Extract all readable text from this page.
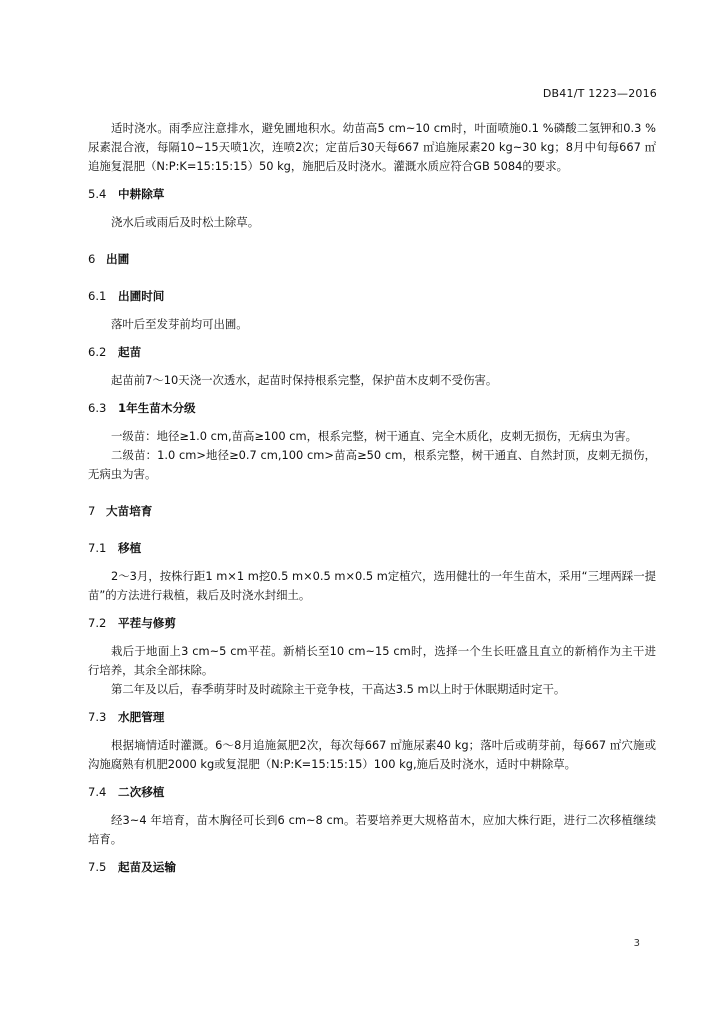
DB41/T 1223—2016

适时浇水。雨季应注意排水，避免圃地积水。幼苗高5 cm~10 cm时，叶面喷施0.1 %磷酸二氢钾和0.3 %尿素混合液，每隔10~15天喷1次，连喷2次；定苗后30天每667 ㎡追施尿素20 kg~30 kg；8月中旬每667 ㎡追施复混肥（N:P:K=15:15:15）50 kg，施肥后及时浇水。灌溉水质应符合GB 5084的要求。

5.4 中耕除草

浇水后或雨后及时松土除草。

6 出圃
6.1 出圃时间

落叶后至发芽前均可出圃。

6.2 起苗

起苗前7～10天浇一次透水，起苗时保持根系完整，保护苗木皮刺不受伤害。

6.3 1年生苗木分级

一级苗：地径≥1.0 cm,苗高≥100 cm，根系完整，树干通直、完全木质化，皮刺无损伤，无病虫为害。

二级苗：1.0 cm>地径≥0.7 cm,100 cm>苗高≥50 cm，根系完整，树干通直、自然封顶，皮刺无损伤，无病虫为害。

7 大苗培育
7.1 移植

2～3月，按株行距1 m×1 m挖0.5 m×0.5 m×0.5 m定植穴，选用健壮的一年生苗木，采用“三埋两踩一提苗”的方法进行栽植，栽后及时浇水封细土。

7.2 平茬与修剪

栽后于地面上3 cm~5 cm平茬。新梢长至10 cm~15 cm时，选择一个生长旺盛且直立的新梢作为主干进行培养，其余全部抹除。

第二年及以后，春季萌芽时及时疏除主干竞争枝，干高达3.5 m以上时于休眠期适时定干。

7.3 水肥管理

根据墒情适时灌溉。6～8月追施氮肥2次，每次每667 ㎡施尿素40 kg；落叶后或萌芽前，每667 ㎡穴施或沟施腐熟有机肥2000 kg或复混肥（N:P:K=15:15:15）100 kg,施后及时浇水，适时中耕除草。

7.4 二次移植

经3~4 年培育，苗木胸径可长到6 cm~8 cm。若要培养更大规格苗木，应加大株行距，进行二次移植继续培育。

7.5 起苗及运输
3
